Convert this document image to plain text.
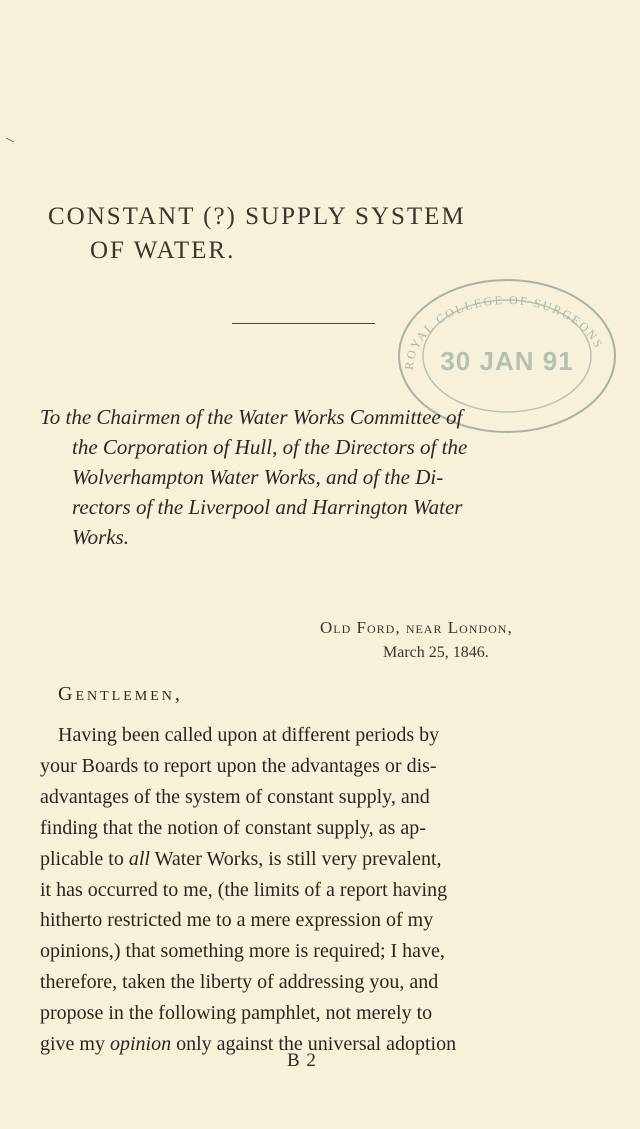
CONSTANT (?) SUPPLY SYSTEM
OF WATER.
ROYAL COLLEGE OF SURGEONS
30 JAN 91

To the Chairmen of the Water Works Committee of

the Corporation of Hull, of the Directors of the

Wolverhampton Water Works, and of the Di-

rectors of the Liverpool and Harrington Water

Works.

Old Ford, near London,
March 25, 1846.
Gentlemen,
Having been called upon at different periods by
your Boards to report upon the advantages or dis-
advantages of the system of constant supply, and
finding that the notion of constant supply, as ap-
plicable to all Water Works, is still very prevalent,
it has occurred to me, (the limits of a report having
hitherto restricted me to a mere expression of my
opinions,) that something more is required; I have,
therefore, taken the liberty of addressing you, and
propose in the following pamphlet, not merely to
give my opinion only against the universal adoption
B 2
